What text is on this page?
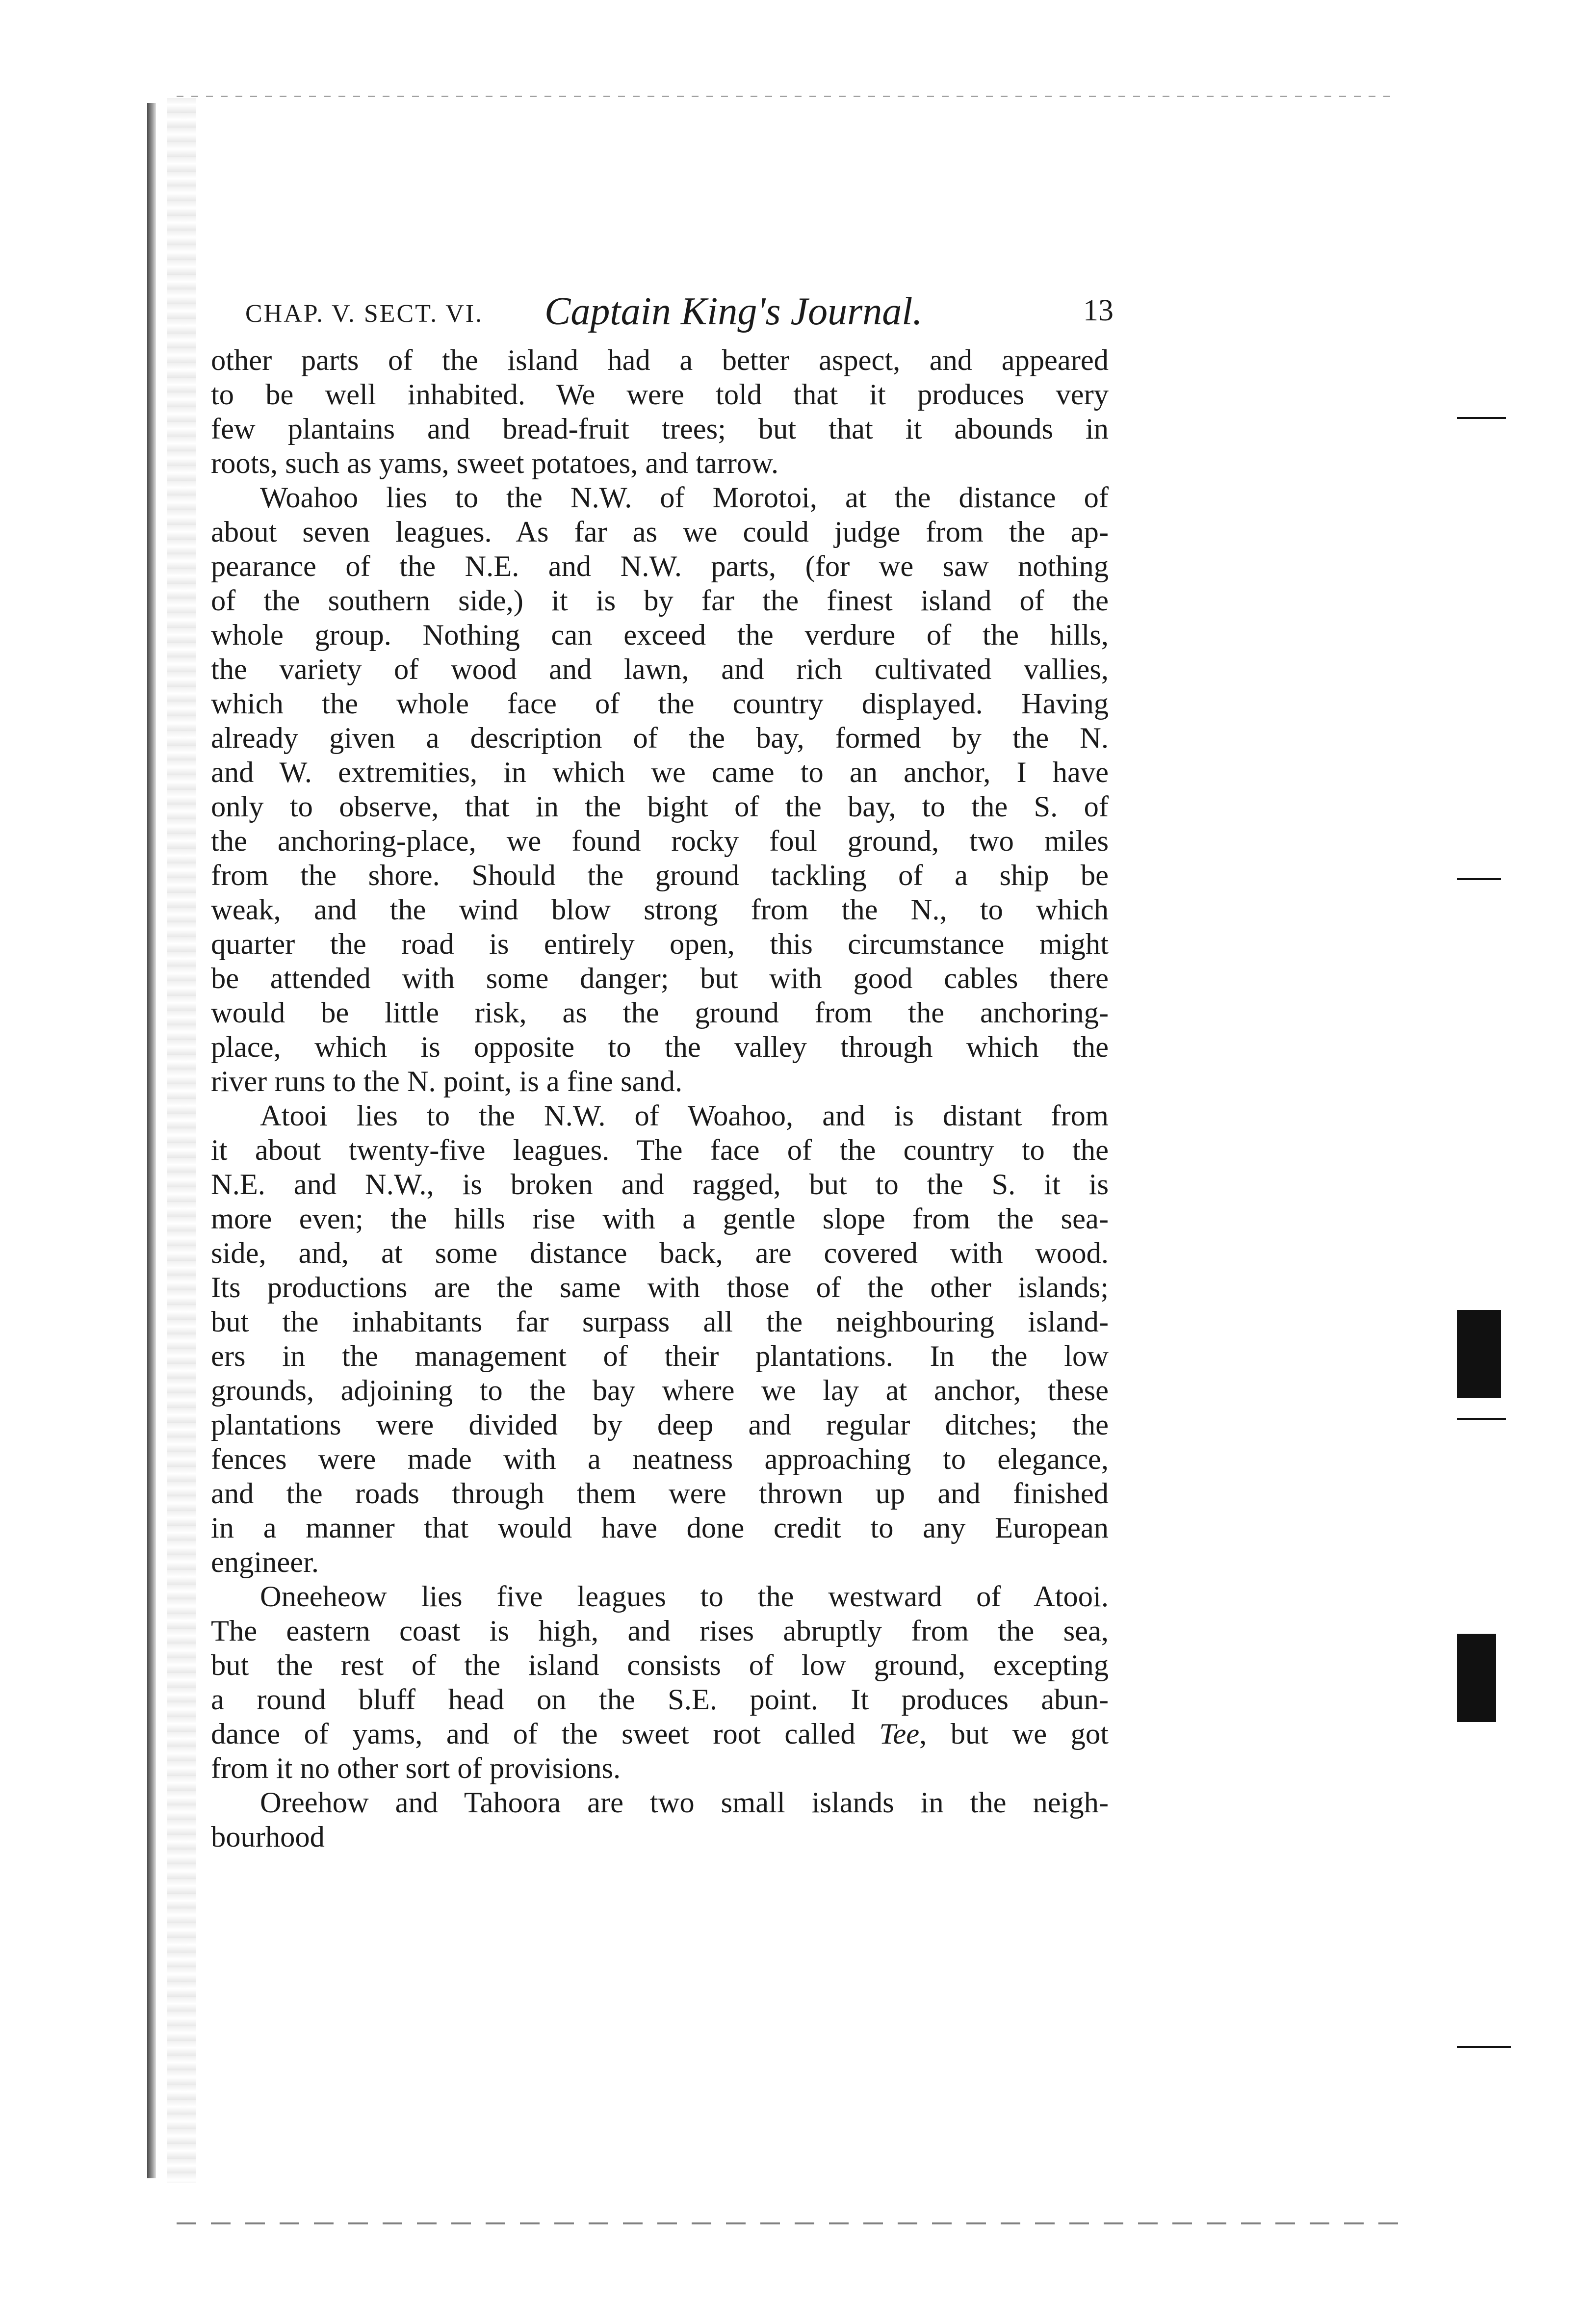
CHAP. V. SECT. VI. Captain King's Journal.	13
other parts of the island had a better aspect, and appeared
to be well inhabited. We were told that it produces very
few plantains and bread-fruit trees; but that it abounds in
roots, such as yams, sweet potatoes, and tarrow.
Woahoo lies to the N.W. of Morotoi, at the distance of
about seven leagues. As far as we could judge from the ap-
pearance of the N.E. and N.W. parts, (for we saw nothing
of the southern side,) it is by far the finest island of the
whole group. Nothing can exceed the verdure of the hills,
the variety of wood and lawn, and rich cultivated vallies,
which the whole face of the country displayed. Having
already given a description of the bay, formed by the N.
and W. extremities, in which we came to an anchor, I have
only to observe, that in the bight of the bay, to the S. of
the anchoring-place, we found rocky foul ground, two miles
from the shore. Should the ground tackling of a ship be
weak, and the wind blow strong from the N., to which
quarter the road is entirely open, this circumstance might
be attended with some danger; but with good cables there
would be little risk, as the ground from the anchoring-
place, which is opposite to the valley through which the
river runs to the N. point, is a fine sand.
Atooi lies to the N.W. of Woahoo, and is distant from
it about twenty-five leagues. The face of the country to the
N.E. and N.W., is broken and ragged, but to the S. it is
more even; the hills rise with a gentle slope from the sea-
side, and, at some distance back, are covered with wood.
Its productions are the same with those of the other islands;
but the inhabitants far surpass all the neighbouring island-
ers in the management of their plantations. In the low
grounds, adjoining to the bay where we lay at anchor, these
plantations were divided by deep and regular ditches; the
fences were made with a neatness approaching to elegance,
and the roads through them were thrown up and finished
in a manner that would have done credit to any European
engineer.
Oneeheow lies five leagues to the westward of Atooi.
The eastern coast is high, and rises abruptly from the sea,
but the rest of the island consists of low ground, excepting
a round bluff head on the S.E. point. It produces abun-
dance of yams, and of the sweet root called Tee, but we got
from it no other sort of provisions.
Oreehow and Tahoora are two small islands in the neigh-
bourhood
